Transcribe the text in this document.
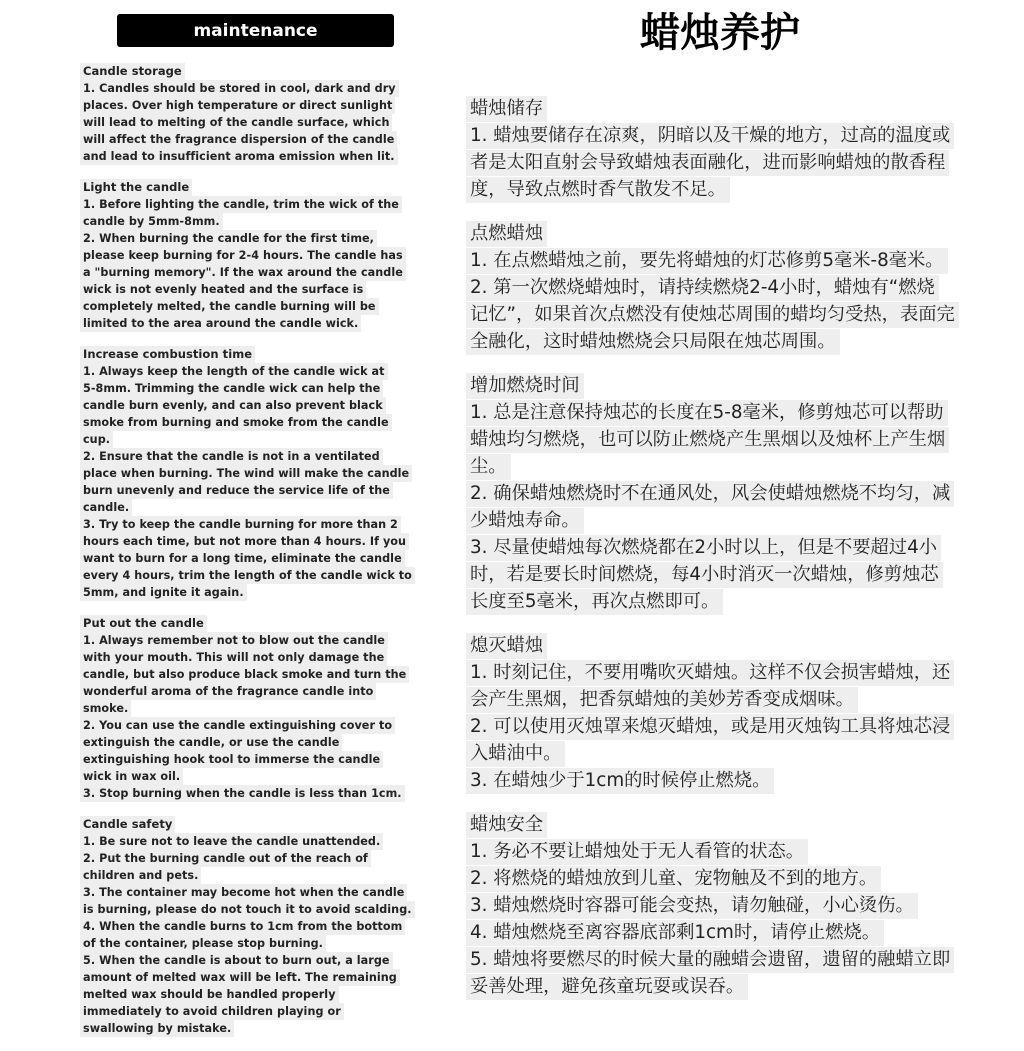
maintenance	蜡烛养护
Candle storage
1. Candles should be stored in cool, dark and dry
places. Over high temperature or direct sunlight
will lead to melting of the candle surface, which
will affect the fragrance dispersion of the candle
and lead to insufficient aroma emission when lit.
Light the candle
1. Before lighting the candle, trim the wick of the
candle by 5mm-8mm.
2. When burning the candle for the first time,
please keep burning for 2-4 hours. The candle has
a "burning memory". If the wax around the candle
wick is not evenly heated and the surface is
completely melted, the candle burning will be
limited to the area around the candle wick.
Increase combustion time
1. Always keep the length of the candle wick at
5-8mm. Trimming the candle wick can help the
candle burn evenly, and can also prevent black
smoke from burning and smoke from the candle
cup.
2. Ensure that the candle is not in a ventilated
place when burning. The wind will make the candle
burn unevenly and reduce the service life of the
candle.
3. Try to keep the candle burning for more than 2
hours each time, but not more than 4 hours. If you
want to burn for a long time, eliminate the candle
every 4 hours, trim the length of the candle wick to
5mm, and ignite it again.
Put out the candle
1. Always remember not to blow out the candle
with your mouth. This will not only damage the
candle, but also produce black smoke and turn the
wonderful aroma of the fragrance candle into
smoke.
2. You can use the candle extinguishing cover to
extinguish the candle, or use the candle
extinguishing hook tool to immerse the candle
wick in wax oil.
3. Stop burning when the candle is less than 1cm.
Candle safety
1. Be sure not to leave the candle unattended.
2. Put the burning candle out of the reach of
children and pets.
3. The container may become hot when the candle
is burning, please do not touch it to avoid scalding.
4. When the candle burns to 1cm from the bottom
of the container, please stop burning.
5. When the candle is about to burn out, a large
amount of melted wax will be left. The remaining
melted wax should be handled properly
immediately to avoid children playing or
swallowing by mistake.
蜡烛储存
1. 蜡烛要储存在凉爽，阴暗以及干燥的地方，过高的温度或
者是太阳直射会导致蜡烛表面融化，进而影响蜡烛的散香程
度，导致点燃时香气散发不足。
点燃蜡烛
1. 在点燃蜡烛之前，要先将蜡烛的灯芯修剪5毫米-8毫米。
2. 第一次燃烧蜡烛时，请持续燃烧2-4小时，蜡烛有“燃烧
记忆”，如果首次点燃没有使烛芯周围的蜡均匀受热，表面完
全融化，这时蜡烛燃烧会只局限在烛芯周围。
增加燃烧时间
1. 总是注意保持烛芯的长度在5-8毫米，修剪烛芯可以帮助
蜡烛均匀燃烧，也可以防止燃烧产生黑烟以及烛杯上产生烟
尘。
2. 确保蜡烛燃烧时不在通风处，风会使蜡烛燃烧不均匀，减
少蜡烛寿命。
3. 尽量使蜡烛每次燃烧都在2小时以上，但是不要超过4小
时，若是要长时间燃烧，每4小时消灭一次蜡烛，修剪烛芯
长度至5毫米，再次点燃即可。
熄灭蜡烛
1. 时刻记住，不要用嘴吹灭蜡烛。这样不仅会损害蜡烛，还
会产生黑烟，把香氛蜡烛的美妙芳香变成烟味。
2. 可以使用灭烛罩来熄灭蜡烛，或是用灭烛钩工具将烛芯浸
入蜡油中。
3. 在蜡烛少于1cm的时候停止燃烧。
蜡烛安全
1. 务必不要让蜡烛处于无人看管的状态。
2. 将燃烧的蜡烛放到儿童、宠物触及不到的地方。
3. 蜡烛燃烧时容器可能会变热，请勿触碰，小心烫伤。
4. 蜡烛燃烧至离容器底部剩1cm时，请停止燃烧。
5. 蜡烛将要燃尽的时候大量的融蜡会遗留，遗留的融蜡立即
妥善处理，避免孩童玩耍或误吞。
